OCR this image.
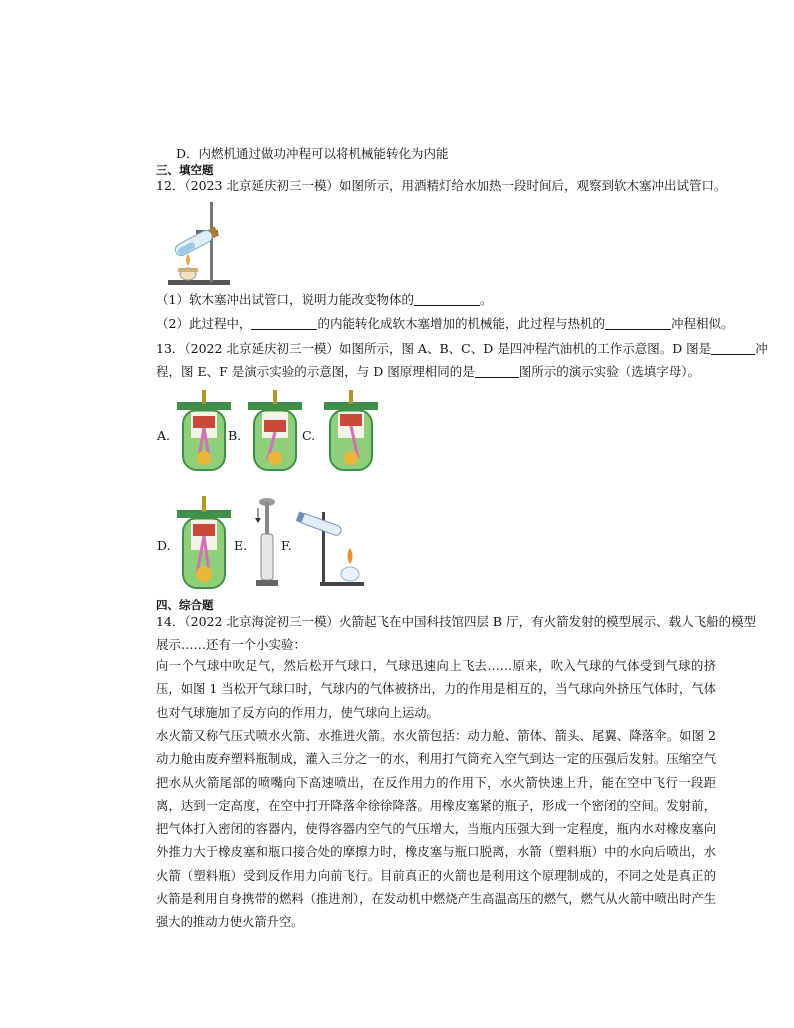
D．内燃机通过做功冲程可以将机械能转化为内能
三、填空题
12．（2023 北京延庆初三一模）如图所示，用酒精灯给水加热一段时间后，观察到软木塞冲出试管口。
（1）软木塞冲出试管口，说明力能改变物体的	。
（2）此过程中，	的内能转化成软木塞增加的机械能，此过程与热机的	冲程相似。
13．（2022 北京延庆初三一模）如图所示，图 A、B、C、D 是四冲程汽油机的工作示意图。D 图是	冲
程，图 E、F 是演示实验的示意图，与 D 图原理相同的是	图所示的演示实验（选填字母）。
A.	B.	C.
D.	E.	F.
四、综合题
14．（2022 北京海淀初三一模）火箭起飞在中国科技馆四层 B 厅，有火箭发射的模型展示、载人飞船的模型
展示……还有一个小实验：
向一个气球中吹足气，然后松开气球口，气球迅速向上飞去……原来，吹入气球的气体受到气球的挤压，如图 1 当松开气球口时，气球内的气体被挤出，力的作用是相互的，当气球向外挤压气体时，气体也对气球施加了反方向的作用力，使气球向上运动。
水火箭又称气压式喷水火箭、水推进火箭。水火箭包括：动力舱、箭体、箭头、尾翼、降落伞。如图 2 动力舱由废弃塑料瓶制成，灌入三分之一的水，利用打气筒充入空气到达一定的压强后发射。压缩空气把水从火箭尾部的喷嘴向下高速喷出，在反作用力的作用下，水火箭快速上升，能在空中飞行一段距离，达到一定高度，在空中打开降落伞徐徐降落。用橡皮塞紧的瓶子，形成一个密闭的空间。发射前，把气体打入密闭的容器内，使得容器内空气的气压增大，当瓶内压强大到一定程度，瓶内水对橡皮塞向外推力大于橡皮塞和瓶口接合处的摩擦力时，橡皮塞与瓶口脱离，水箭（塑料瓶）中的水向后喷出，水火箭（塑料瓶）受到反作用力向前飞行。目前真正的火箭也是利用这个原理制成的，不同之处是真正的火箭是利用自身携带的燃料（推进剂），在发动机中燃烧产生高温高压的燃气，燃气从火箭中喷出时产生强大的推动力使火箭升空。
